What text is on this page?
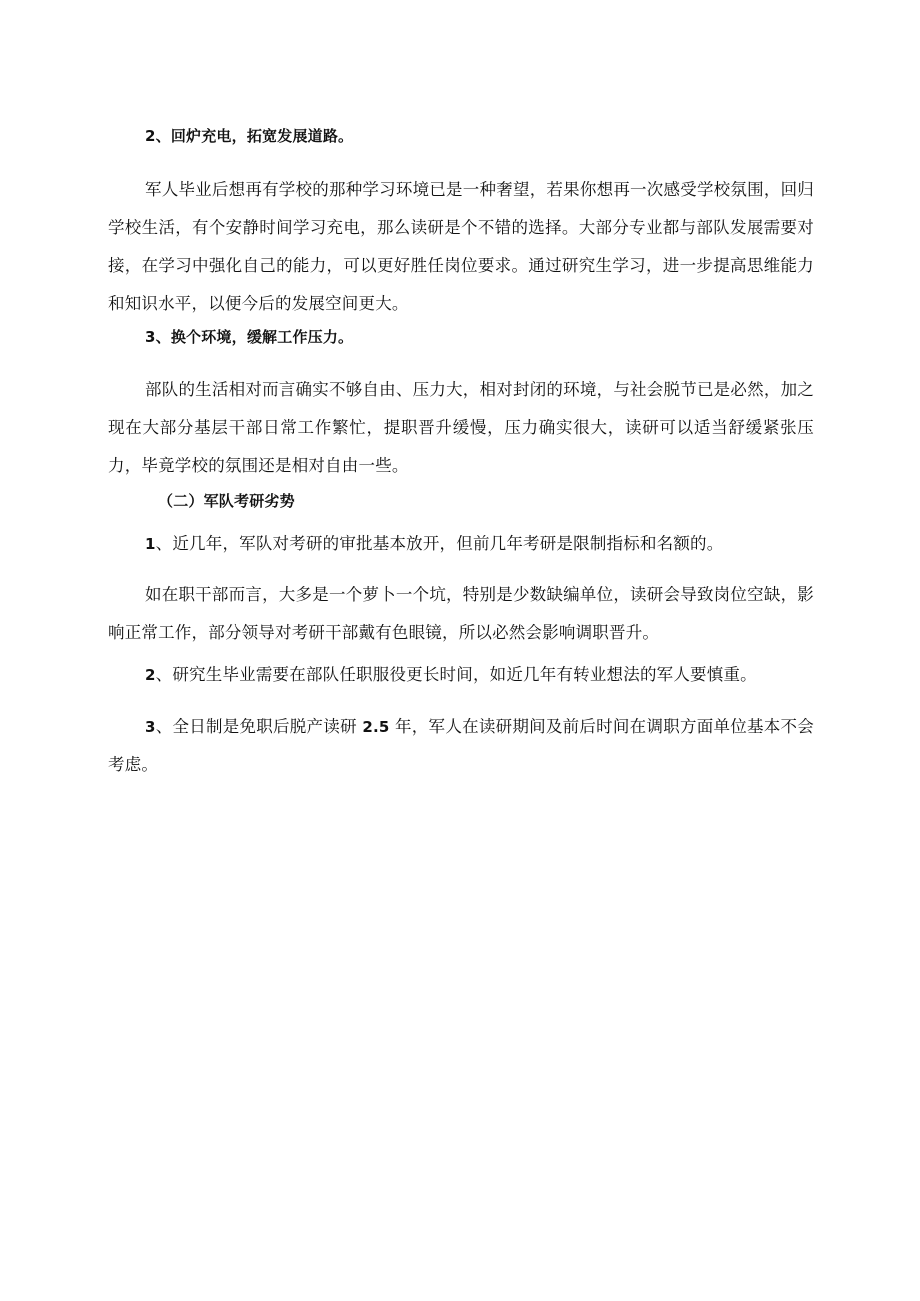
2、回炉充电，拓宽发展道路。
军人毕业后想再有学校的那种学习环境已是一种奢望，若果你想再一次感受学校氛围，回归学校生活，有个安静时间学习充电，那么读研是个不错的选择。大部分专业都与部队发展需要对接，在学习中强化自己的能力，可以更好胜任岗位要求。通过研究生学习，进一步提高思维能力和知识水平，以便今后的发展空间更大。
3、换个环境，缓解工作压力。
部队的生活相对而言确实不够自由、压力大，相对封闭的环境，与社会脱节已是必然，加之现在大部分基层干部日常工作繁忙，提职晋升缓慢，压力确实很大，读研可以适当舒缓紧张压力，毕竟学校的氛围还是相对自由一些。
（二）军队考研劣势
1、近几年，军队对考研的审批基本放开，但前几年考研是限制指标和名额的。
如在职干部而言，大多是一个萝卜一个坑，特别是少数缺编单位，读研会导致岗位空缺，影响正常工作，部分领导对考研干部戴有色眼镜，所以必然会影响调职晋升。
2、研究生毕业需要在部队任职服役更长时间，如近几年有转业想法的军人要慎重。
3、全日制是免职后脱产读研 2.5 年，军人在读研期间及前后时间在调职方面单位基本不会考虑。
